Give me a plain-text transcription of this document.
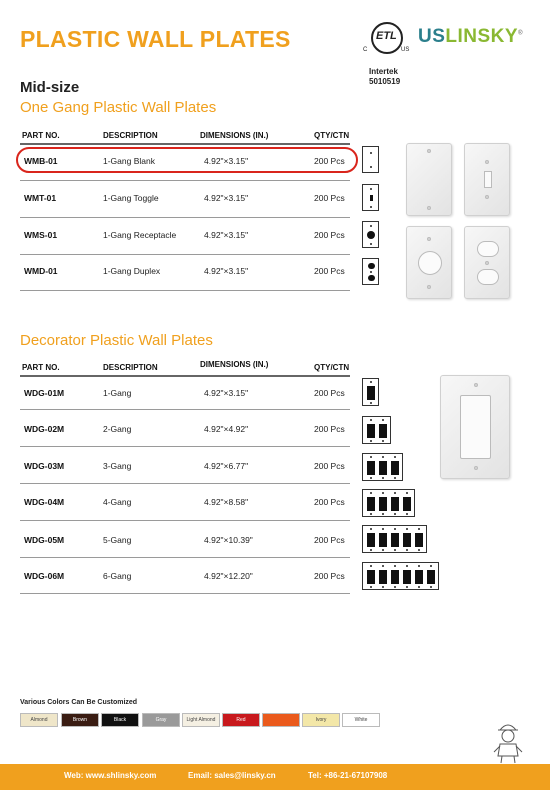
PLASTIC WALL PLATES	ETL
C	US
Intertek
5010519
USLINSKY®
Mid-size
One Gang Plastic Wall Plates
PART NO.	DESCRIPTION	DIMENSIONS (IN.)	QTY/CTN
WMB-01	1-Gang Blank	4.92"×3.15"	200 Pcs
WMT-01	1-Gang Toggle	4.92"×3.15"	200 Pcs
WMS-01	1-Gang Receptacle	4.92"×3.15"	200 Pcs
WMD-01	1-Gang Duplex	4.92"×3.15"	200 Pcs
Decorator Plastic Wall Plates
PART NO.	DESCRIPTION	DIMENSIONS (IN.)	QTY/CTN
WDG-01M	1-Gang	4.92"×3.15"	200 Pcs
WDG-02M	2-Gang	4.92"×4.92"	200 Pcs
WDG-03M	3-Gang	4.92"×6.77"	200 Pcs
WDG-04M	4-Gang	4.92"×8.58"	200 Pcs
WDG-05M	5-Gang	4.92"×10.39"	200 Pcs
WDG-06M	6-Gang	4.92"×12.20"	200 Pcs
Various Colors Can Be Customized
Almond	Brown	Black	Gray	Light Almond	Red	Ivory	White
Web: www.shlinsky.com	Email: sales@linsky.cn	Tel: +86-21-67107908
